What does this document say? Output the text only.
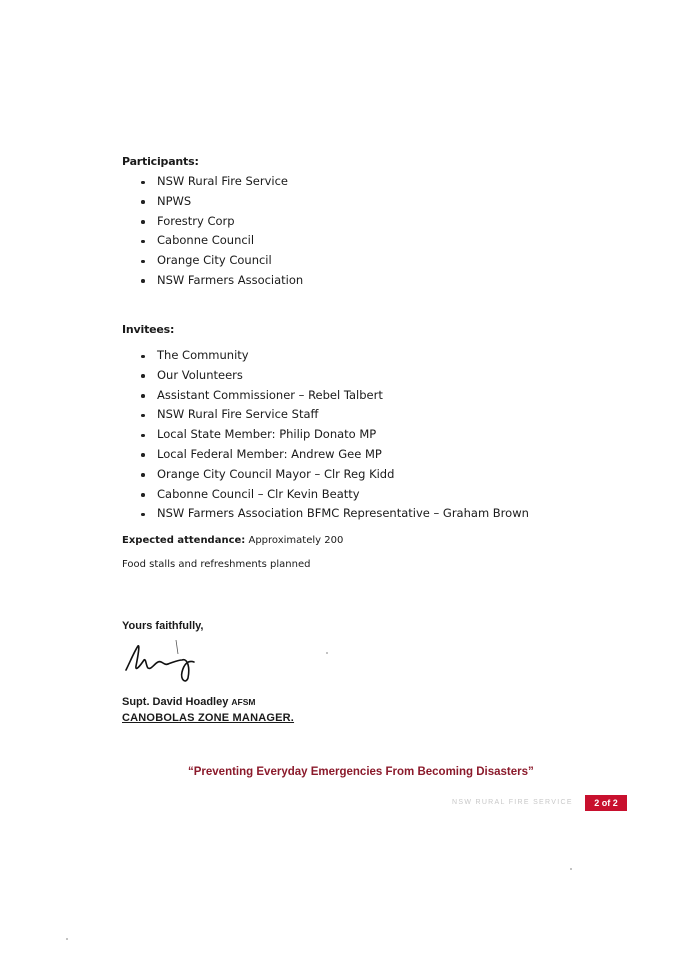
Participants:
NSW Rural Fire Service
NPWS
Forestry Corp
Cabonne Council
Orange City Council
NSW Farmers Association
Invitees:
The Community
Our Volunteers
Assistant Commissioner – Rebel Talbert
NSW Rural Fire Service Staff
Local State Member: Philip Donato MP
Local Federal Member: Andrew Gee MP
Orange City Council Mayor – Clr Reg Kidd
Cabonne Council – Clr Kevin Beatty
NSW Farmers Association BFMC Representative – Graham Brown
Expected attendance: Approximately 200
Food stalls and refreshments planned
Yours faithfully,
Supt. David Hoadley AFSM
CANOBOLAS ZONE MANAGER.
“Preventing Everyday Emergencies From Becoming Disasters”
NSW RURAL FIRE SERVICE	2 of 2
